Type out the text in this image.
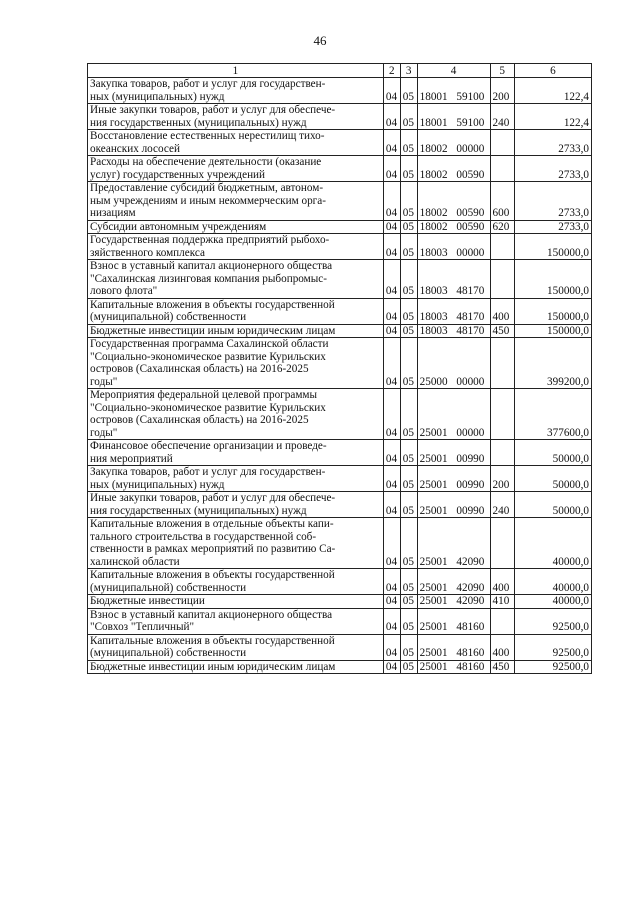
46
1	2	3	4	5	6
Закупка товаров, работ и услуг для государствен-
ных (муниципальных) нужд	04	05	18001 59100	200	122,4
Иные закупки товаров, работ и услуг для обеспече-
ния государственных (муниципальных) нужд	04	05	18001 59100	240	122,4
Восстановление естественных нерестилищ тихо-
океанских лососей	04	05	18002 00000		2733,0
Расходы на обеспечение деятельности (оказание
услуг) государственных учреждений	04	05	18002 00590		2733,0
Предоставление субсидий бюджетным, автоном-
ным учреждениям и иным некоммерческим орга-
низациям	04	05	18002 00590	600	2733,0
Субсидии автономным учреждениям	04	05	18002 00590	620	2733,0
Государственная поддержка предприятий рыбохо-
зяйственного комплекса	04	05	18003 00000		150000,0
Взнос в уставный капитал акционерного общества
"Сахалинская лизинговая компания рыбопромыс-
лового флота"	04	05	18003 48170		150000,0
Капитальные вложения в объекты государственной
(муниципальной) собственности	04	05	18003 48170	400	150000,0
Бюджетные инвестиции иным юридическим лицам	04	05	18003 48170	450	150000,0
Государственная программа Сахалинской области
"Социально-экономическое развитие Курильских
островов (Сахалинская область) на 2016-2025
годы"	04	05	25000 00000		399200,0
Мероприятия федеральной целевой программы
"Социально-экономическое развитие Курильских
островов (Сахалинская область) на 2016-2025
годы"	04	05	25001 00000		377600,0
Финансовое обеспечение организации и проведе-
ния мероприятий	04	05	25001 00990		50000,0
Закупка товаров, работ и услуг для государствен-
ных (муниципальных) нужд	04	05	25001 00990	200	50000,0
Иные закупки товаров, работ и услуг для обеспече-
ния государственных (муниципальных) нужд	04	05	25001 00990	240	50000,0
Капитальные вложения в отдельные объекты капи-
тального строительства в государственной соб-
ственности в рамках мероприятий по развитию Са-
халинской области	04	05	25001 42090		40000,0
Капитальные вложения в объекты государственной
(муниципальной) собственности	04	05	25001 42090	400	40000,0
Бюджетные инвестиции	04	05	25001 42090	410	40000,0
Взнос в уставный капитал акционерного общества
"Совхоз "Тепличный"	04	05	25001 48160		92500,0
Капитальные вложения в объекты государственной
(муниципальной) собственности	04	05	25001 48160	400	92500,0
Бюджетные инвестиции иным юридическим лицам	04	05	25001 48160	450	92500,0
